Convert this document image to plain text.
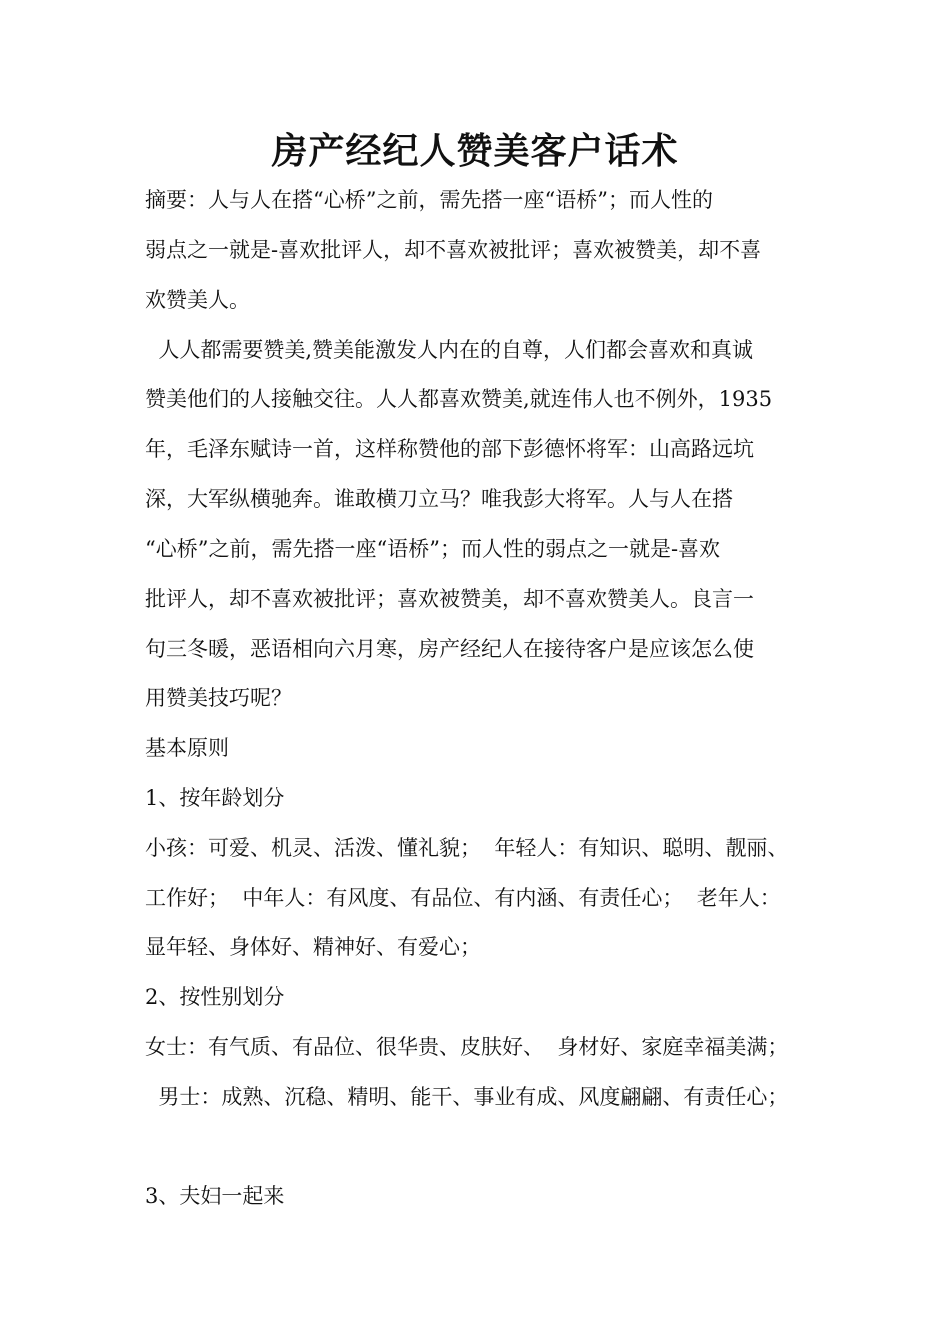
房产经纪人赞美客户话术

摘要：人与人在搭“心桥”之前，需先搭一座“语桥”；而人性的

弱点之一就是-喜欢批评人，却不喜欢被批评；喜欢被赞美，却不喜

欢赞美人。

人人都需要赞美,赞美能激发人内在的自尊，人们都会喜欢和真诚

赞美他们的人接触交往。人人都喜欢赞美,就连伟人也不例外，1935

年，毛泽东赋诗一首，这样称赞他的部下彭德怀将军：山高路远坑

深，大军纵横驰奔。谁敢横刀立马？唯我彭大将军。人与人在搭

“心桥”之前，需先搭一座“语桥”；而人性的弱点之一就是-喜欢

批评人，却不喜欢被批评；喜欢被赞美，却不喜欢赞美人。良言一

句三冬暖，恶语相向六月寒，房产经纪人在接待客户是应该怎么使

用赞美技巧呢？

基本原则

1、按年龄划分

小孩：可爱、机灵、活泼、懂礼貌；  年轻人：有知识、聪明、靓丽、

工作好；  中年人：有风度、有品位、有内涵、有责任心；  老年人：

显年轻、身体好、精神好、有爱心；

2、按性别划分

女士：有气质、有品位、很华贵、皮肤好、  身材好、家庭幸福美满；

男士：成熟、沉稳、精明、能干、事业有成、风度翩翩、有责任心；

3、夫妇一起来
